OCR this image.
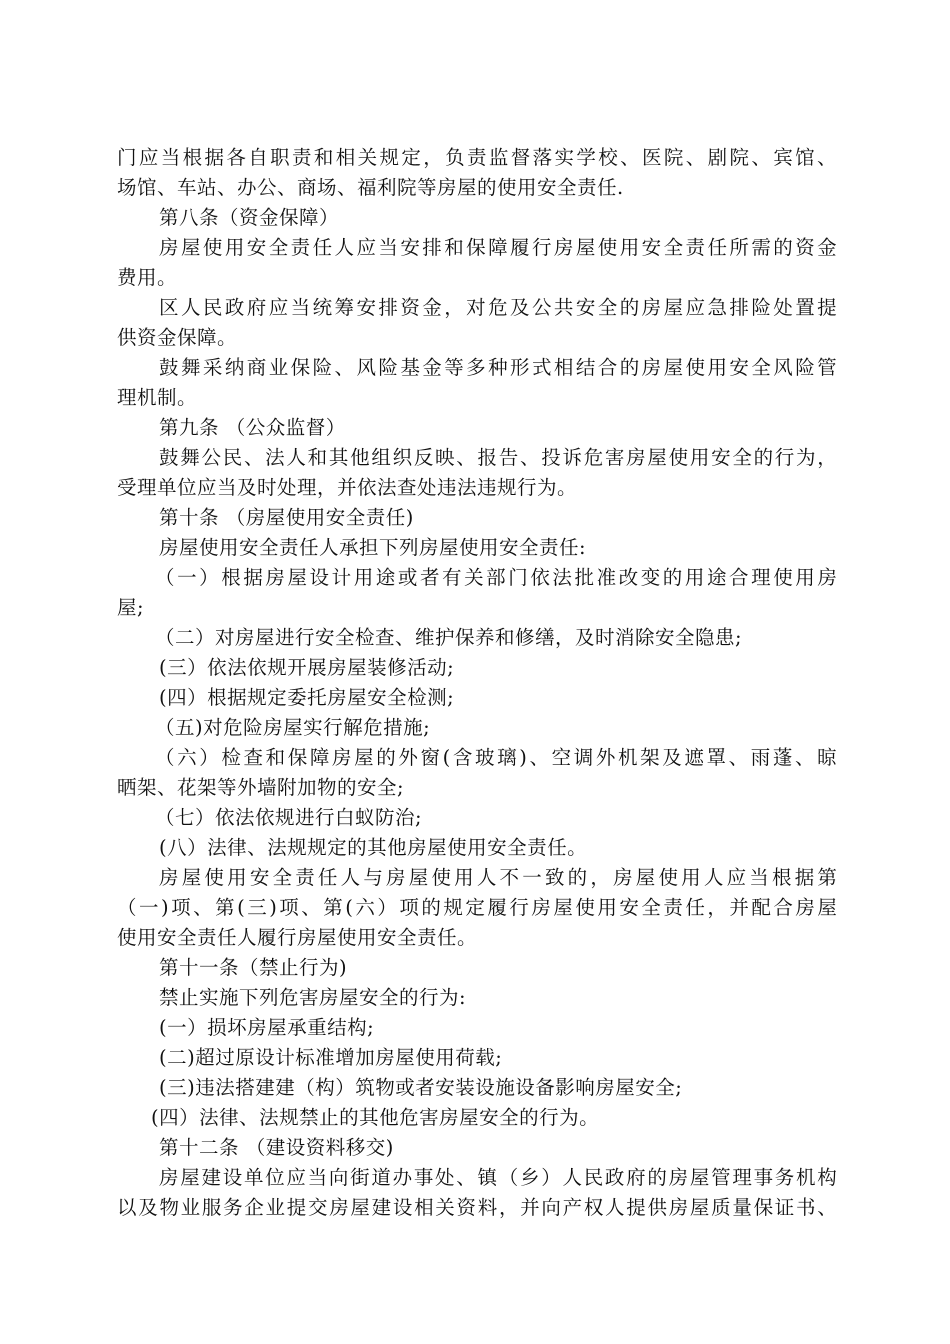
门 应 当 根 据 各 自 职 责 和 相 关 规 定 ， 负 责 监 督 落 实 学 校 、 医 院 、 剧 院 、 宾 馆 、
场馆、车站、办公、商场、福利院等房屋的使用安全责任.
第八条（资金保障）
房 屋 使 用 安 全 责 任 人 应 当 安 排 和 保 障 履 行 房 屋 使 用 安 全 责 任 所 需 的 资 金
费用。
区 人 民 政 府 应 当 统 筹 安 排 资 金 ， 对 危 及 公 共 安 全 的 房 屋 应 急 排 险 处 置 提
供资金保障。
鼓 舞 采 纳 商 业 保 险 、 风 险 基 金 等 多 种 形 式 相 结 合 的 房 屋 使 用 安 全 风 险 管
理机制。
第九条 （公众监督）
鼓 舞 公 民 、 法 人 和 其 他 组 织 反 映 、 报 告 、 投 诉 危 害 房 屋 使 用 安 全 的 行 为 ，
受理单位应当及时处理，并依法查处违法违规行为。
第十条 （房屋使用安全责任)
房屋使用安全责任人承担下列房屋使用安全责任:
（ 一 ） 根 据 房 屋 设 计 用 途 或 者 有 关 部 门 依 法 批 准 改 变 的 用 途 合 理 使 用 房
屋;
（二）对房屋进行安全检查、维护保养和修缮，及时消除安全隐患;
(三）依法依规开展房屋装修活动;
(四）根据规定委托房屋安全检测;
（五)对危险房屋实行解危措施;
（ 六 ） 检 查 和 保 障 房 屋 的 外 窗 ( 含 玻 璃 ) 、 空 调 外 机 架 及 遮 罩 、 雨 蓬 、 晾
晒架、花架等外墙附加物的安全;
（七）依法依规进行白蚁防治;
(八）法律、法规规定的其他房屋使用安全责任。
房 屋 使 用 安 全 责 任 人 与 房 屋 使 用 人 不 一 致 的 ， 房 屋 使 用 人 应 当 根 据 第
（ 一 ) 项 、 第 ( 三 ) 项 、 第 ( 六 ） 项 的 规 定 履 行 房 屋 使 用 安 全 责 任 ， 并 配 合 房 屋
使用安全责任人履行房屋使用安全责任。
第十一条（禁止行为)
禁止实施下列危害房屋安全的行为:
(一）损坏房屋承重结构;
(二)超过原设计标准增加房屋使用荷载;
(三)违法搭建建（构）筑物或者安装设施设备影响房屋安全;
(四）法律、法规禁止的其他危害房屋安全的行为。
第十二条 （建设资料移交)
房 屋 建 设 单 位 应 当 向 街 道 办 事 处 、 镇 （ 乡 ） 人 民 政 府 的 房 屋 管 理 事 务 机 构
以 及 物 业 服 务 企 业 提 交 房 屋 建 设 相 关 资 料 ， 并 向 产 权 人 提 供 房 屋 质 量 保 证 书 、
